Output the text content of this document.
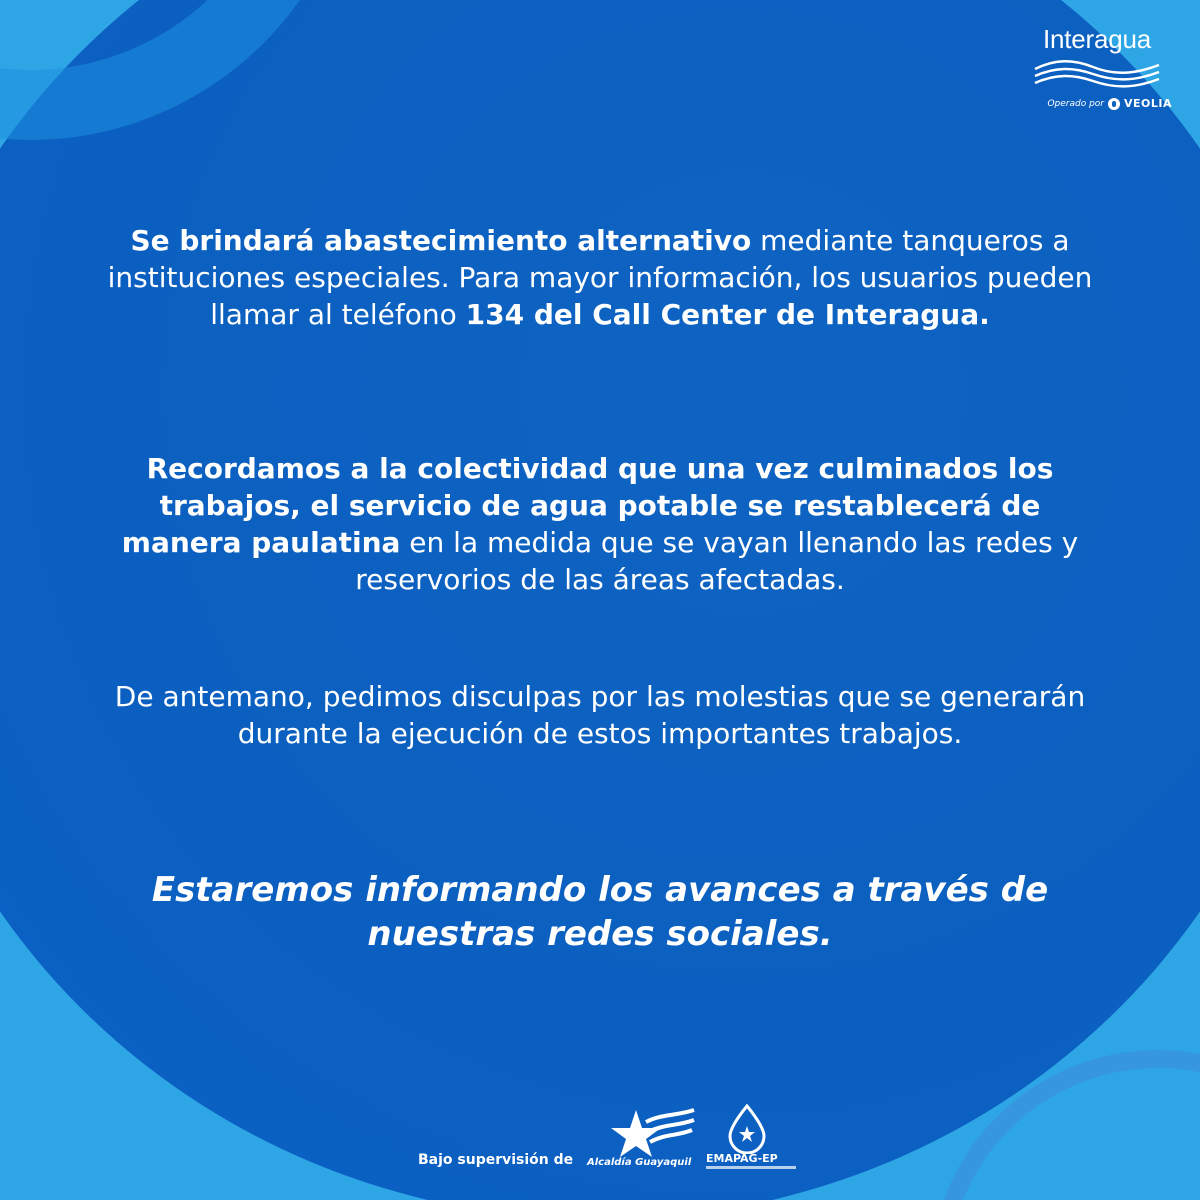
Interagua
Operado por VEOLIA
Se brindará abastecimiento alternativo mediante tanqueros a instituciones especiales. Para mayor información, los usuarios pueden llamar al teléfono 134 del Call Center de Interagua.
Recordamos a la colectividad que una vez culminados los trabajos, el servicio de agua potable se restablecerá de manera paulatina en la medida que se vayan llenando las redes y reservorios de las áreas afectadas.
De antemano, pedimos disculpas por las molestias que se generarán durante la ejecución de estos importantes trabajos.
Estaremos informando los avances a través de nuestras redes sociales.
Bajo supervisión de Alcaldía Guayaquil EMAPAG-EP
